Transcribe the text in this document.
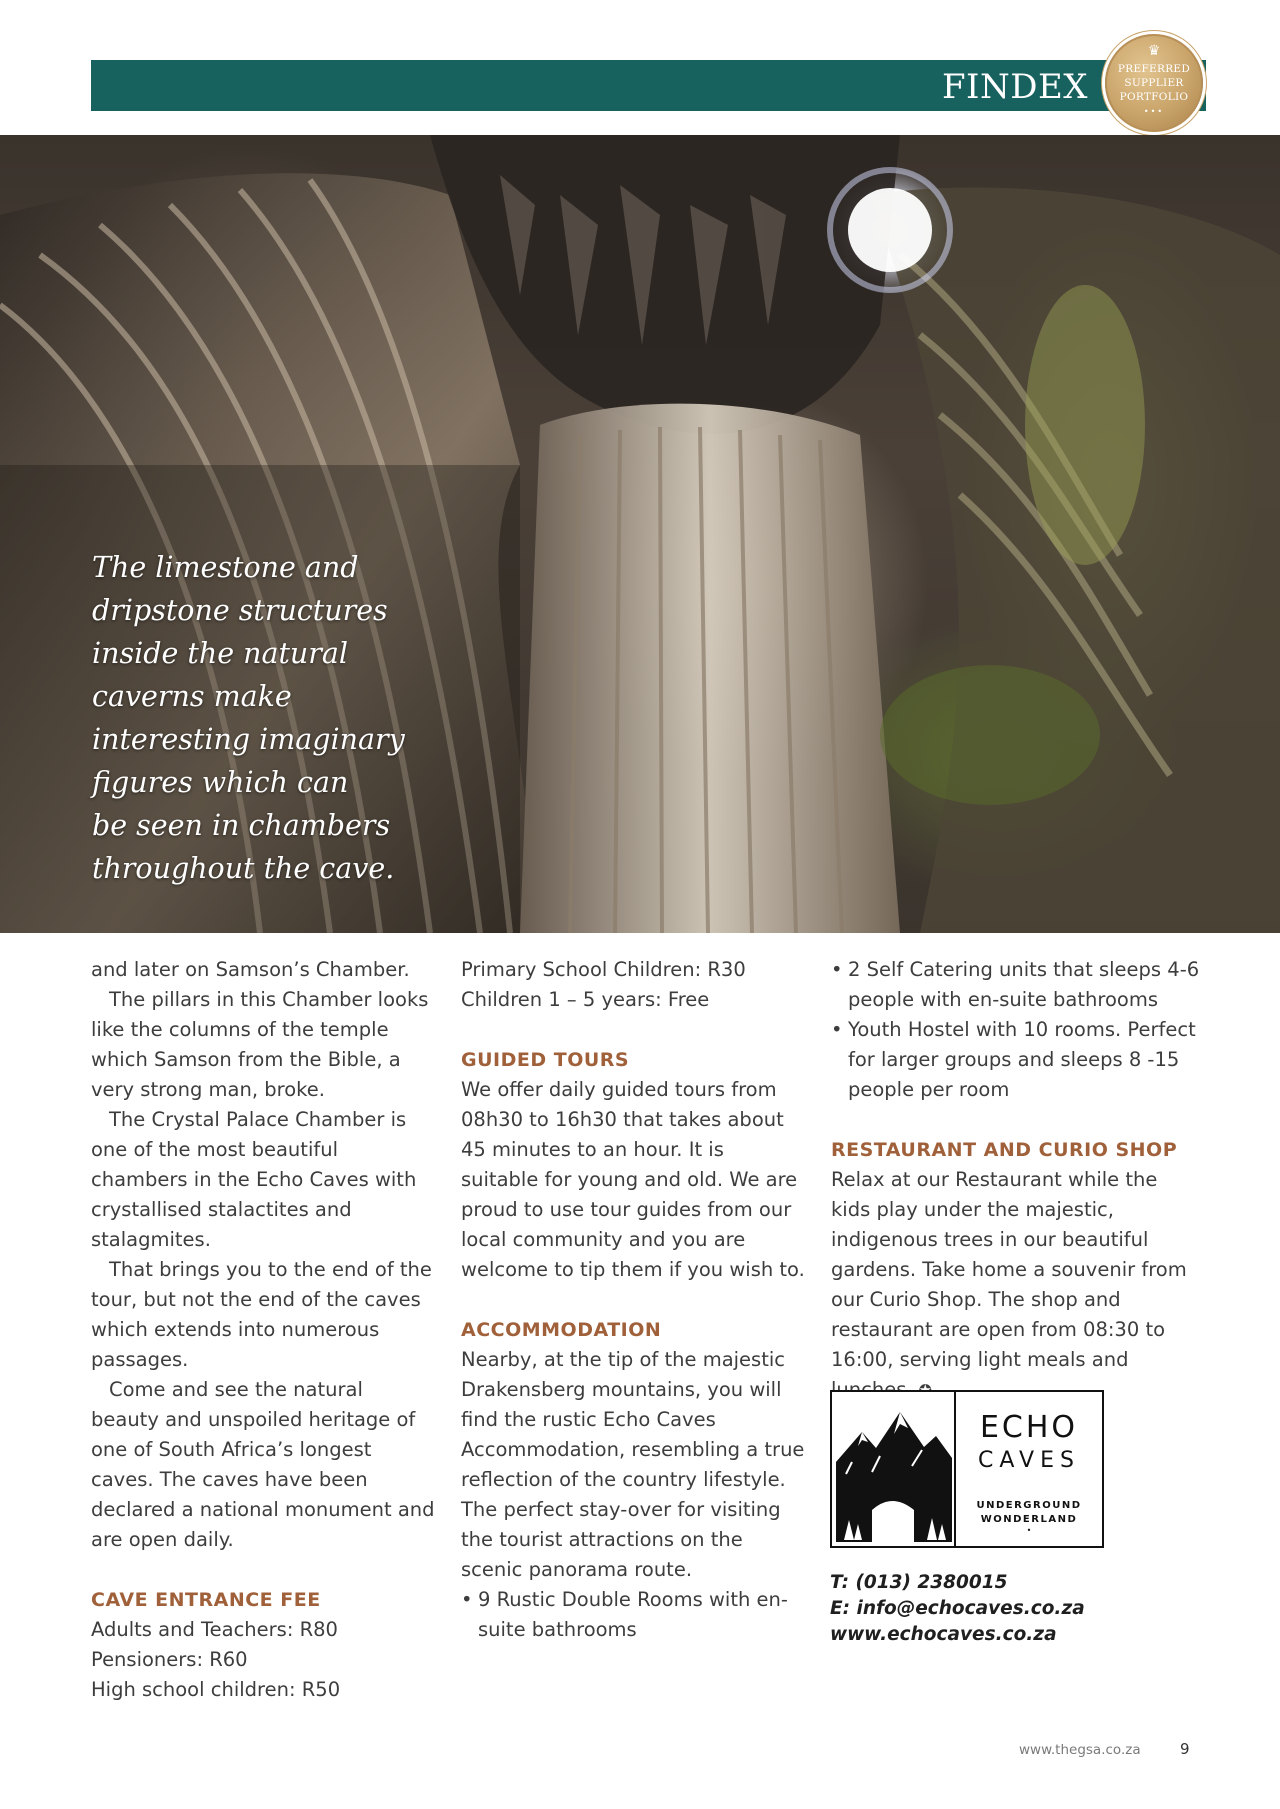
FINDEX
♛
PREFERRED
SUPPLIER
PORTFOLIO
•••
The limestone and
dripstone structures
inside the natural
caverns make
interesting imaginary
figures which can
be seen in chambers
throughout the cave.

and later on Samson’s Chamber.

The pillars in this Chamber looks like the columns of the temple which Samson from the Bible, a very strong man, broke.

The Crystal Palace Chamber is one of the most beautiful chambers in the Echo Caves with crystallised stalactites and stalagmites.

That brings you to the end of the tour, but not the end of the caves which extends into numerous passages.

Come and see the natural beauty and unspoiled heritage of one of South Africa’s longest caves. The caves have been declared a national monument and are open daily.

CAVE ENTRANCE FEE

Adults and Teachers: R80

Pensioners: R60

High school children: R50

Primary School Children: R30

Children 1 – 5 years: Free

GUIDED TOURS

We offer daily guided tours from 08h30 to 16h30 that takes about 45 minutes to an hour. It is suitable for young and old. We are proud to use tour guides from our local community and you are welcome to tip them if you wish to.

ACCOMMODATION

Nearby, at the tip of the majestic Drakensberg mountains, you will find the rustic Echo Caves Accommodation, resembling a true reflection of the country lifestyle. The perfect stay-over for visiting the tourist attractions on the scenic panorama route.

• 9 Rustic Double Rooms with en-suite bathrooms

• 2 Self Catering units that sleeps 4-6 people with en-suite bathrooms

• Youth Hostel with 10 rooms. Perfect for larger groups and sleeps 8 -15 people per room

RESTAURANT AND CURIO SHOP

Relax at our Restaurant while the kids play under the majestic, indigenous trees in our beautiful gardens. Take home a souvenir from our Curio Shop. The shop and restaurant are open from 08:30 to 16:00, serving light meals and

ECHO
CAVES
UNDERGROUND
WONDERLAND
•
T: (013) 2380015
E: info@echocaves.co.za
www.echocaves.co.za
www.thegsa.co.za	9
